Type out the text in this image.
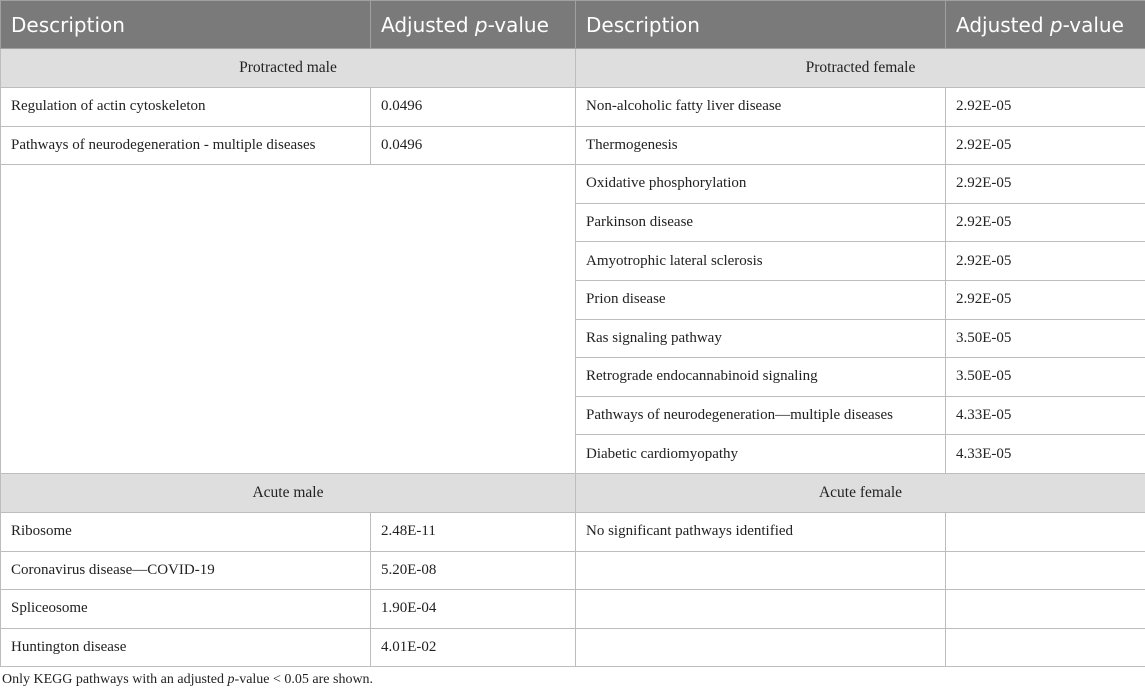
Description	Adjusted p-value	Description	Adjusted p-value
Protracted male		Protracted female	
Regulation of actin cytoskeleton	0.0496	Non-alcoholic fatty liver disease	2.92E-05
Pathways of neurodegeneration - multiple diseases	0.0496	Thermogenesis	2.92E-05
		Oxidative phosphorylation	2.92E-05
		Parkinson disease	2.92E-05
		Amyotrophic lateral sclerosis	2.92E-05
		Prion disease	2.92E-05
		Ras signaling pathway	3.50E-05
		Retrograde endocannabinoid signaling	3.50E-05
		Pathways of neurodegeneration—multiple diseases	4.33E-05
		Diabetic cardiomyopathy	4.33E-05
Acute male		Acute female	
Ribosome	2.48E-11	No significant pathways identified	
Coronavirus disease—COVID-19	5.20E-08		
Spliceosome	1.90E-04		
Huntington disease	4.01E-02		
Only KEGG pathways with an adjusted p-value < 0.05 are shown.
